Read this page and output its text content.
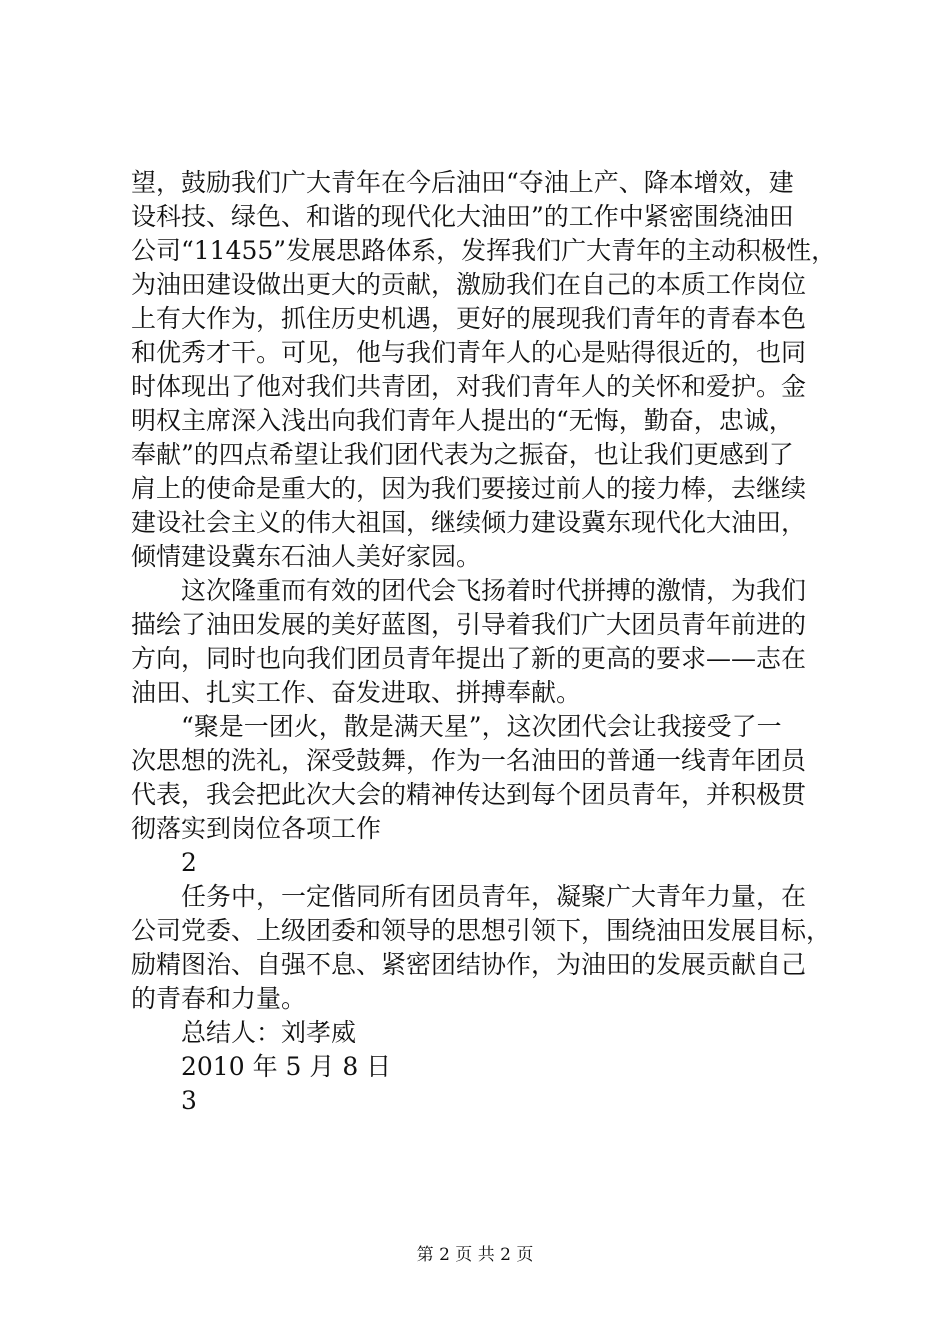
望，鼓励我们广大青年在今后油田“夺油上产、降本增效，建
设科技、绿色、和谐的现代化大油田”的工作中紧密围绕油田
公司“11455”发展思路体系，发挥我们广大青年的主动积极性，
为油田建设做出更大的贡献，激励我们在自己的本质工作岗位
上有大作为，抓住历史机遇，更好的展现我们青年的青春本色
和优秀才干。可见，他与我们青年人的心是贴得很近的，也同
时体现出了他对我们共青团，对我们青年人的关怀和爱护。金
明权主席深入浅出向我们青年人提出的“无悔，勤奋，忠诚，
奉献”的四点希望让我们团代表为之振奋，也让我们更感到了
肩上的使命是重大的，因为我们要接过前人的接力棒，去继续
建设社会主义的伟大祖国，继续倾力建设冀东现代化大油田，
倾情建设冀东石油人美好家园。
这次隆重而有效的团代会飞扬着时代拼搏的激情，为我们
描绘了油田发展的美好蓝图，引导着我们广大团员青年前进的
方向，同时也向我们团员青年提出了新的更高的要求——志在
油田、扎实工作、奋发进取、拼搏奉献。
“聚是一团火，散是满天星”，这次团代会让我接受了一
次思想的洗礼，深受鼓舞，作为一名油田的普通一线青年团员
代表，我会把此次大会的精神传达到每个团员青年，并积极贯
彻落实到岗位各项工作
2
任务中，一定偕同所有团员青年，凝聚广大青年力量，在
公司党委、上级团委和领导的思想引领下，围绕油田发展目标，
励精图治、自强不息、紧密团结协作，为油田的发展贡献自己
的青春和力量。
总结人：刘孝威
2010 年 5 月 8 日
3
第 2 页 共 2 页
